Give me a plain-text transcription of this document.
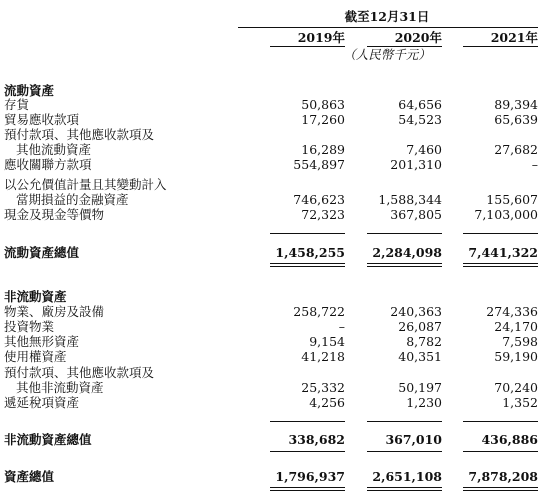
截至12月31日
2019年	2020年	2021年
（人民幣千元）
流動資產
存貨	50,863	64,656	89,394
貿易應收款項	17,260	54,523	65,639
預付款項、其他應收款項及
其他流動資產	16,289	7,460	27,682
應收關聯方款項	554,897	201,310	–
以公允價值計量且其變動計入
當期損益的金融資產	746,623	1,588,344	155,607
現金及現金等價物	72,323	367,805	7,103,000
流動資產總值	1,458,255	2,284,098	7,441,322
非流動資產
物業、廠房及設備	258,722	240,363	274,336
投資物業	–	26,087	24,170
其他無形資產	9,154	8,782	7,598
使用權資產	41,218	40,351	59,190
預付款項、其他應收款項及
其他非流動資產	25,332	50,197	70,240
遞延稅項資產	4,256	1,230	1,352
非流動資產總值	338,682	367,010	436,886
資產總值	1,796,937	2,651,108	7,878,208
